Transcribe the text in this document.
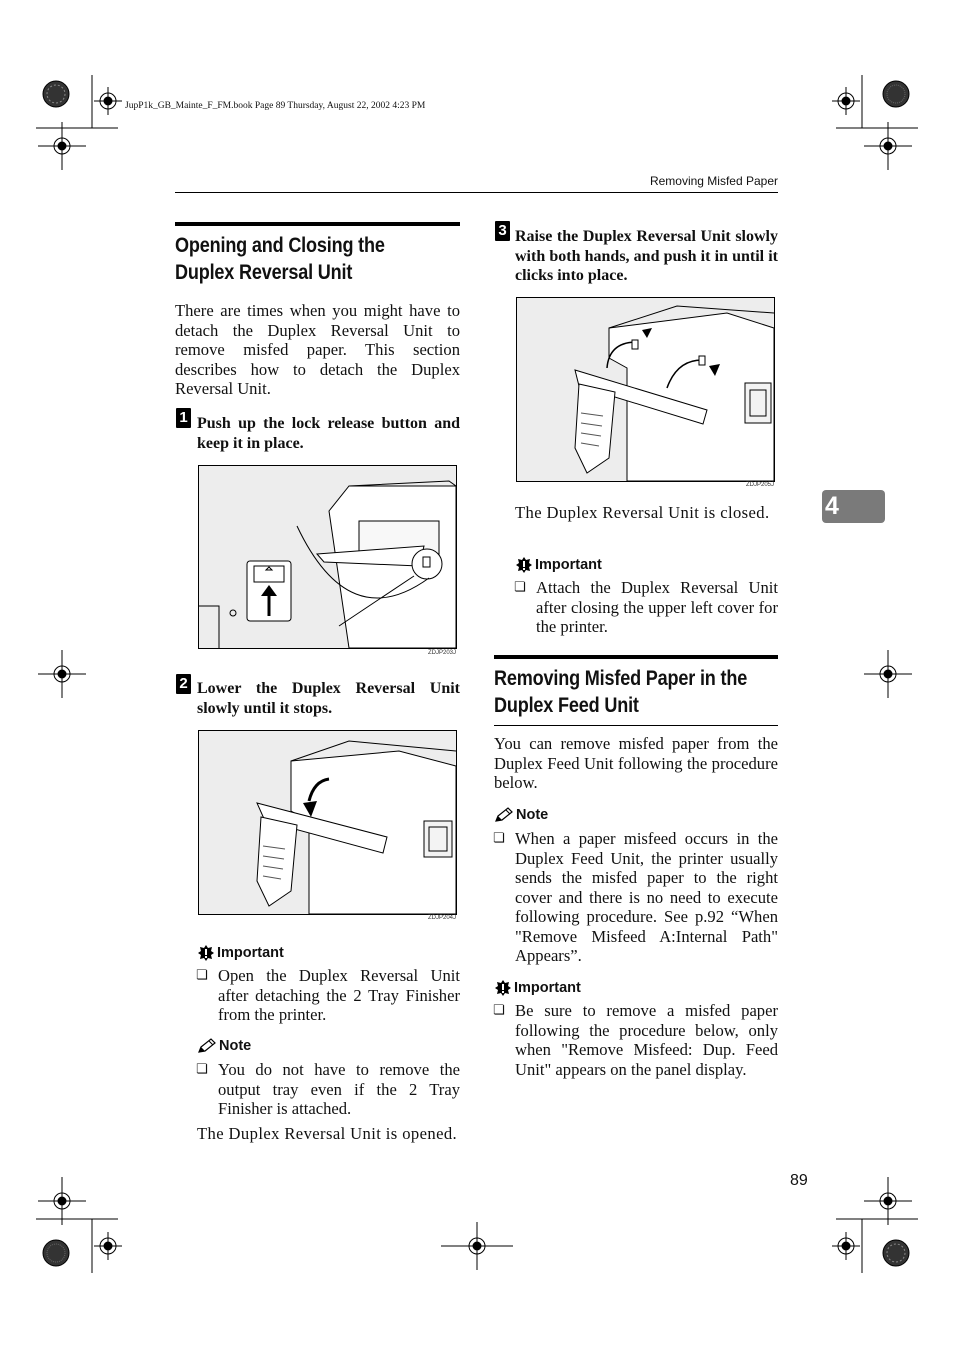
JupP1k_GB_Mainte_F_FM.book Page 89 Thursday, August 22, 2002 4:23 PM
Removing Misfed Paper
Opening and Closing the
Duplex Reversal Unit
There are times when you might have to detach the Duplex Reversal Unit to remove misfed paper. This section describes how to detach the Duplex Reversal Unit.
1 Push up the lock release button and keep it in place.
ZDJP203J
2 Lower the Duplex Reversal Unit slowly until it stops.
ZDJP204J
Important
❏ Open the Duplex Reversal Unit after detaching the 2 Tray Finisher from the printer.
Note
❏ You do not have to remove the output tray even if the 2 Tray Finisher is attached.
The Duplex Reversal Unit is opened.
3 Raise the Duplex Reversal Unit slowly with both hands, and push it in until it clicks into place.
ZDJP205J
The Duplex Reversal Unit is closed.
Important
❏ Attach the Duplex Reversal Unit after closing the upper left cover for the printer.
Removing Misfed Paper in the
Duplex Feed Unit
You can remove misfed paper from the Duplex Feed Unit following the procedure below.
Note
❏ When a paper misfeed occurs in the Duplex Feed Unit, the printer usually sends the misfed paper to the right cover and there is no need to execute following procedure. See p.92 “When "Remove Misfeed A:Internal Path" Appears”.
Important
❏ Be sure to remove a misfed paper following the procedure below, only when "Remove Misfeed: Dup. Feed Unit" appears on the panel display.
4
89
